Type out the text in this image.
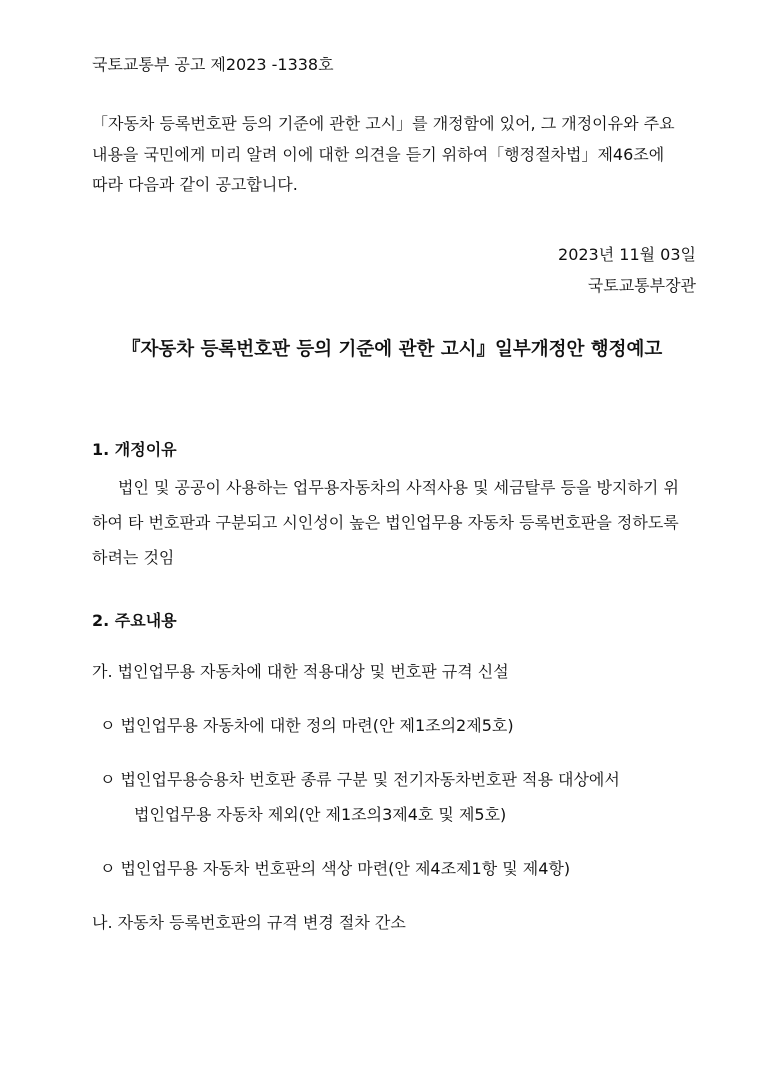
국토교통부 공고 제2023 -1338호

「자동차 등록번호판 등의 기준에 관한 고시」를 개정함에 있어, 그 개정이유와 주요

내용을 국민에게 미리 알려 이에 대한 의견을 듣기 위하여「행정절차법」제46조에

따라 다음과 같이 공고합니다.

2023년 11월 03일

국토교통부장관

『자동차 등록번호판 등의 기준에 관한 고시』일부개정안 행정예고

1. 개정이유

법인 및 공공이 사용하는 업무용자동차의 사적사용 및 세금탈루 등을 방지하기 위

하여 타 번호판과 구분되고 시인성이 높은 법인업무용 자동차 등록번호판을 정하도록

하려는 것임

2. 주요내용

가. 법인업무용 자동차에 대한 적용대상 및 번호판 규격 신설

ㅇ 법인업무용 자동차에 대한 정의 마련(안 제1조의2제5호)

ㅇ 법인업무용승용차 번호판 종류 구분 및 전기자동차번호판 적용 대상에서

법인업무용 자동차 제외(안 제1조의3제4호 및 제5호)

ㅇ 법인업무용 자동차 번호판의 색상 마련(안 제4조제1항 및 제4항)

나. 자동차 등록번호판의 규격 변경 절차 간소
